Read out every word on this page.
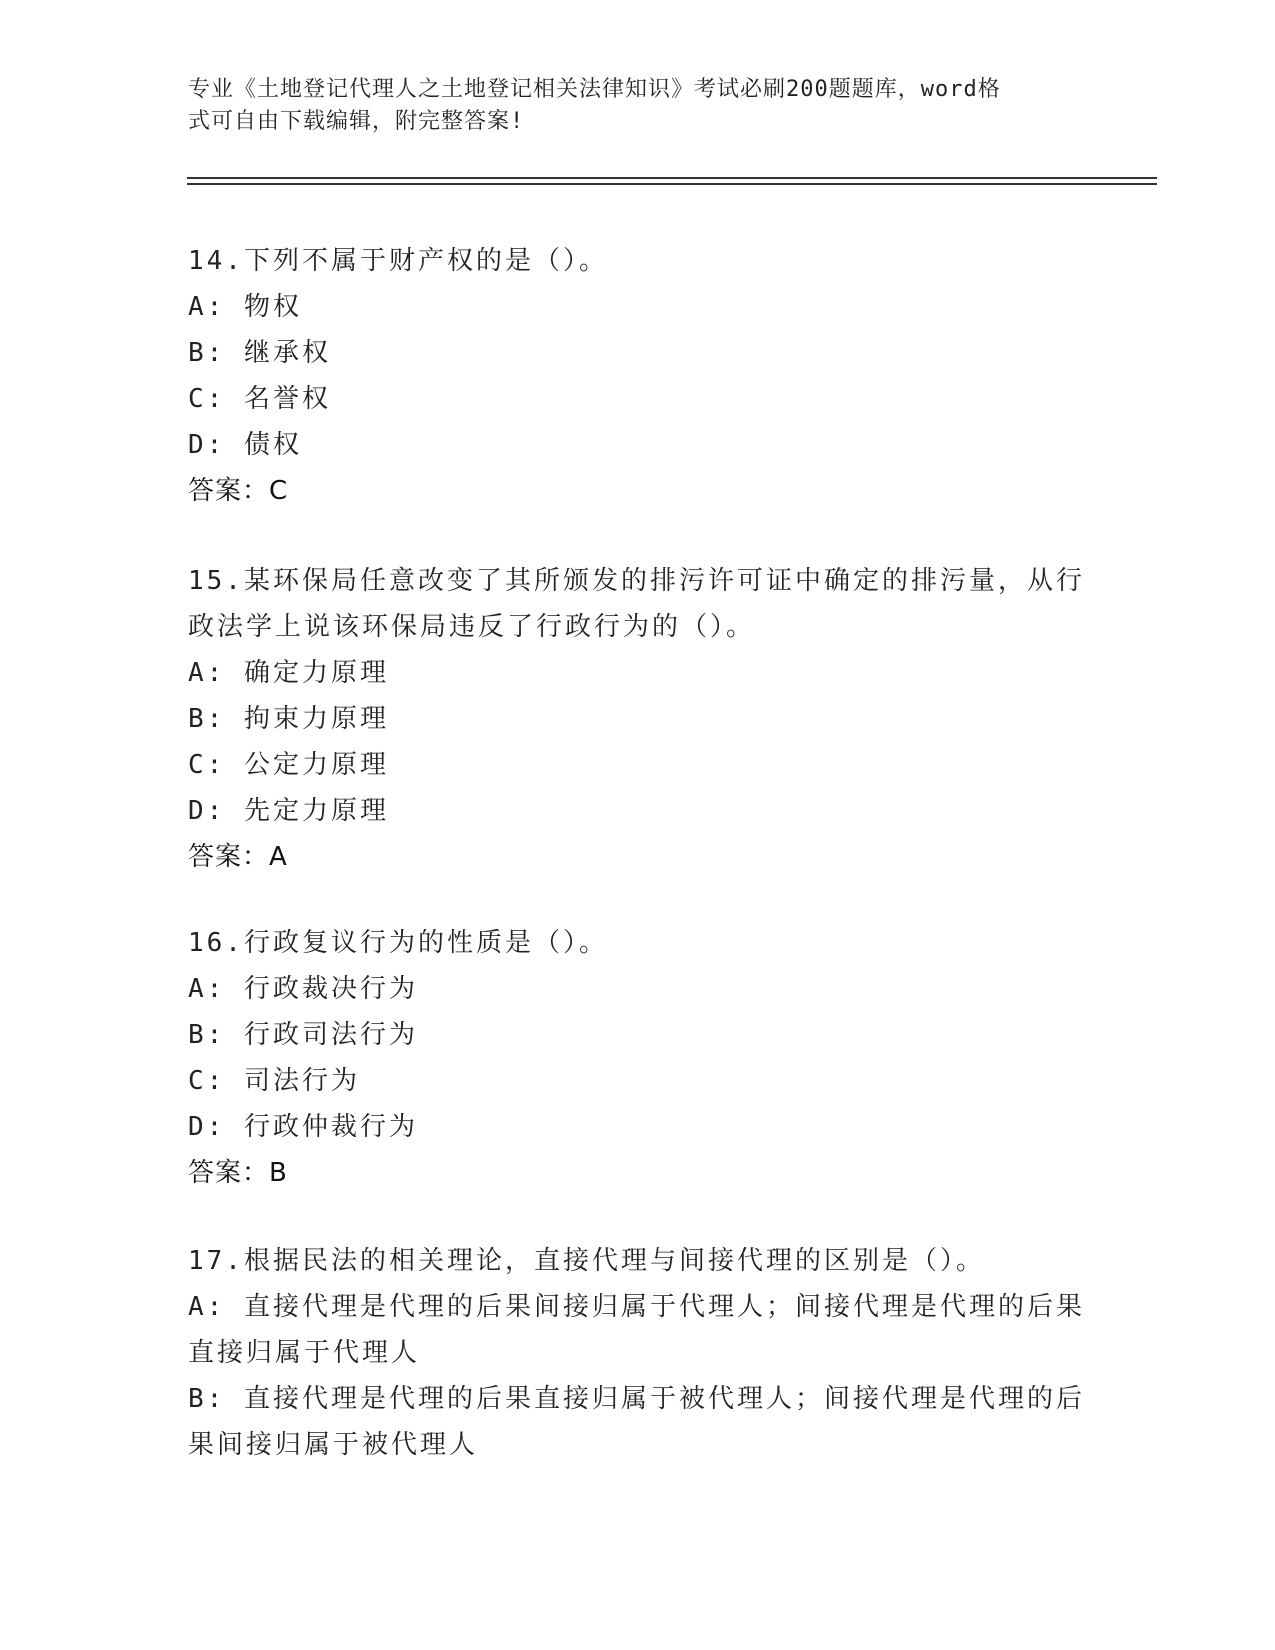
专业《土地登记代理人之土地登记相关法律知识》考试必刷200题题库，word格
式可自由下载编辑，附完整答案!
14.下列不属于财产权的是（）。
A: 物权
B: 继承权
C: 名誉权
D: 债权
答案：C
15.某环保局任意改变了其所颁发的排污许可证中确定的排污量，从行
政法学上说该环保局违反了行政行为的（）。
A: 确定力原理
B: 拘束力原理
C: 公定力原理
D: 先定力原理
答案：A
16.行政复议行为的性质是（）。
A: 行政裁决行为
B: 行政司法行为
C: 司法行为
D: 行政仲裁行为
答案：B
17.根据民法的相关理论，直接代理与间接代理的区别是（）。
A: 直接代理是代理的后果间接归属于代理人；间接代理是代理的后果
直接归属于代理人
B: 直接代理是代理的后果直接归属于被代理人；间接代理是代理的后
果间接归属于被代理人
